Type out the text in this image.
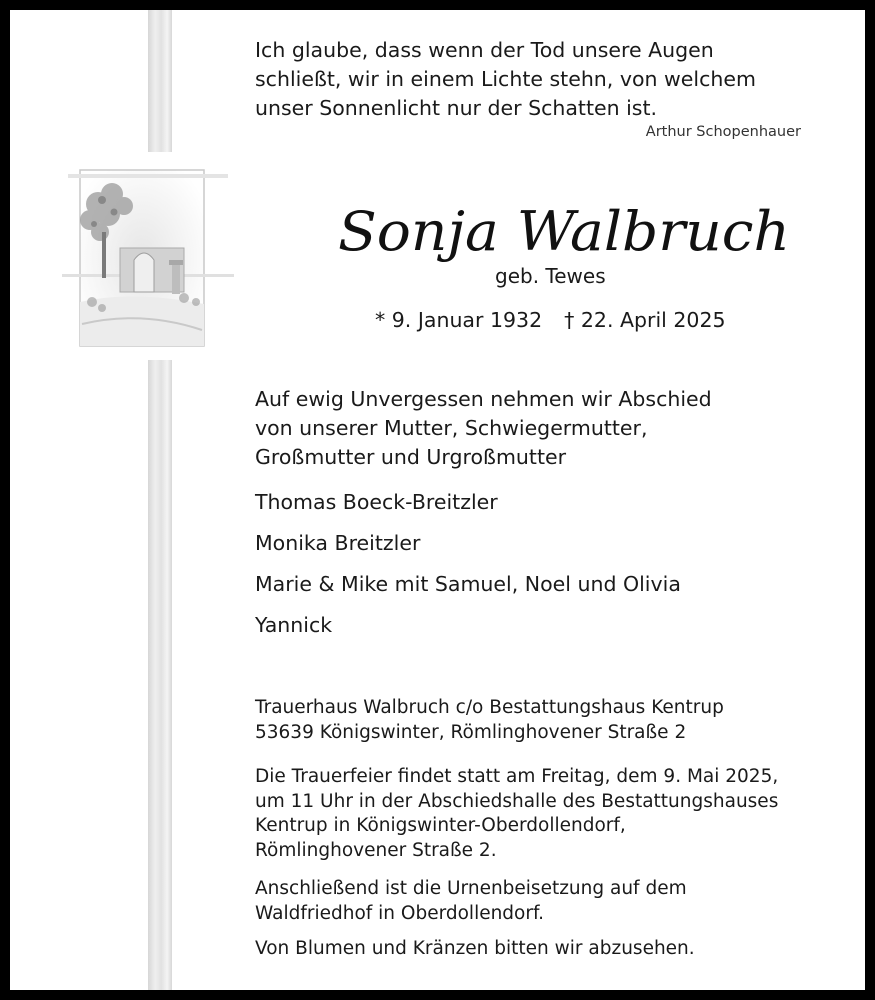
Ich glaube, dass wenn der Tod unsere Augen
schließt, wir in einem Lichte stehn, von welchem
unser Sonnenlicht nur der Schatten ist.
Arthur Schopenhauer
Sonja Walbruch
geb. Tewes
* 9. Januar 1932 † 22. April 2025
Auf ewig Unvergessen nehmen wir Abschied
von unserer Mutter, Schwiegermutter,
Großmutter und Urgroßmutter
Thomas Boeck-Breitzler
Monika Breitzler
Marie & Mike mit Samuel, Noel und Olivia
Yannick
Trauerhaus Walbruch c/o Bestattungshaus Kentrup
53639 Königswinter, Römlinghovener Straße 2
Die Trauerfeier findet statt am Freitag, dem 9. Mai 2025,
um 11 Uhr in der Abschiedshalle des Bestattungshauses
Kentrup in Königswinter-Oberdollendorf,
Römlinghovener Straße 2.
Anschließend ist die Urnenbeisetzung auf dem
Waldfriedhof in Oberdollendorf.
Von Blumen und Kränzen bitten wir abzusehen.
